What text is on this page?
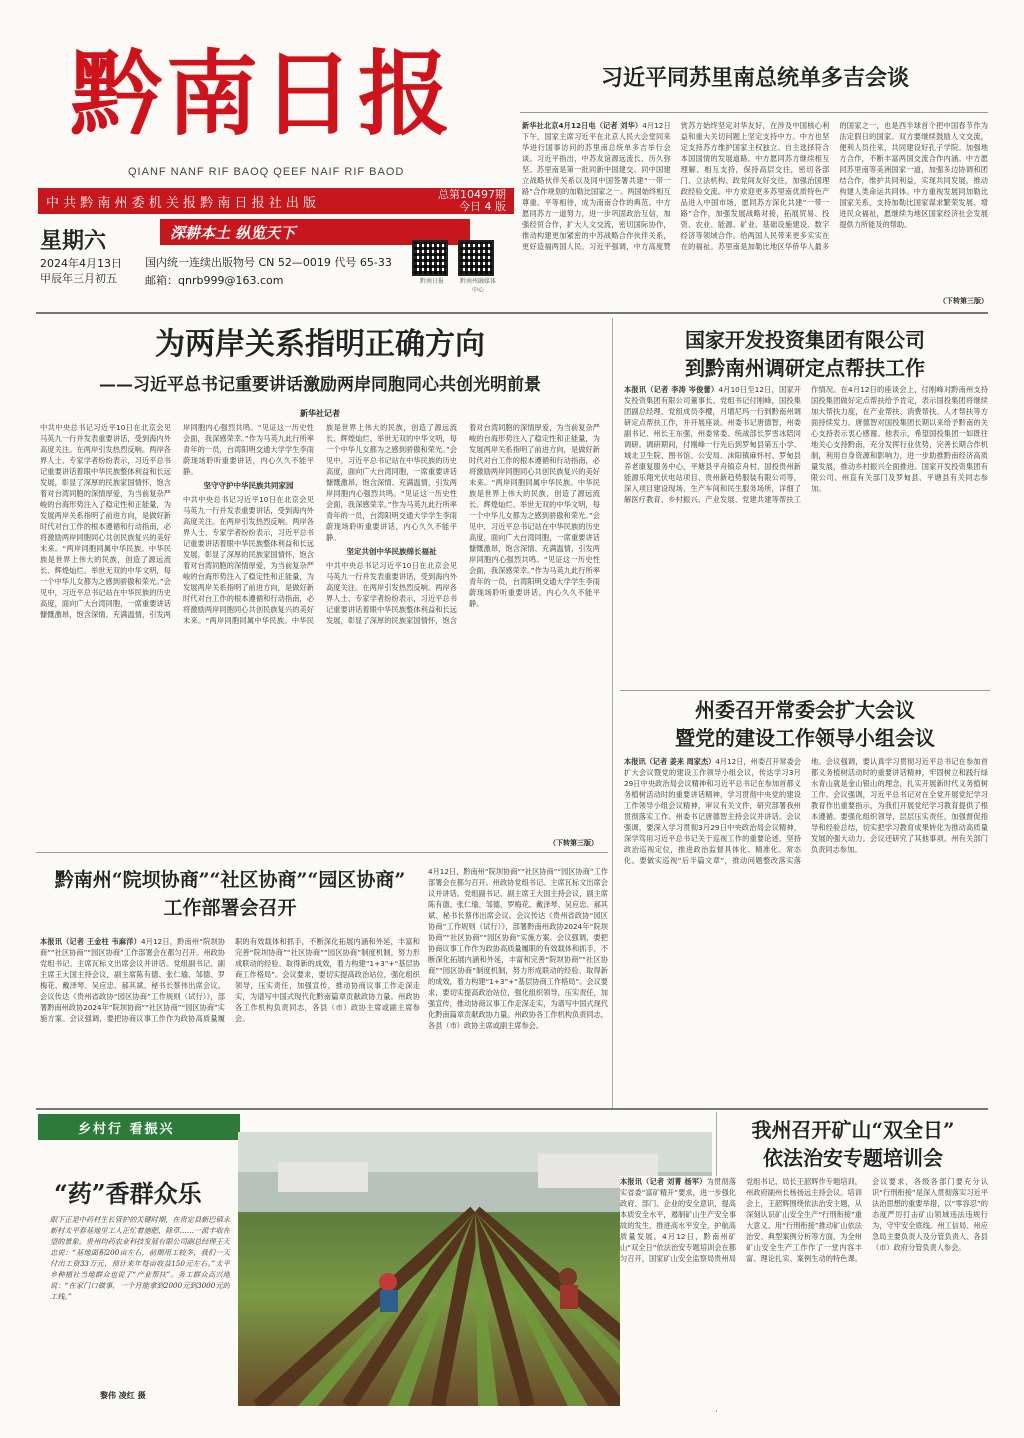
黔南日报
QIANF NANF RIF BAOQ QEEF NAIF RIF BAOD
中 共 黔 南 州 委 机 关 报 黔 南 日 报 社 出 版
总第10497期
今日 4 版
星期六
2024年4月13日
甲辰年三月初五
深耕本土 纵览天下
国内统一连续出版物号 CN 52—0019 代号 65-33
邮箱：qnrb999@163.com	黔南日报	黔南州融媒体中心
习近平同苏里南总统单多吉会谈
新华社北京4月12日电（记者 刘华）4月12日下午，国家主席习近平在北京人民大会堂同来华进行国事访问的苏里南总统单多吉举行会谈。习近平指出，中苏友谊源远流长、历久弥坚。苏里南是第一批同新中国建交、同中国建立战略伙伴关系以及同中国签署共建“一带一路”合作规划的加勒比国家之一。两国始终相互尊重、平等相待，成为南南合作的典范。中方愿同苏方一道努力，进一步巩固政治互信，加强经贸合作，扩大人文交流，密切国际协作，推动构建更加紧密的中苏战略合作伙伴关系，更好造福两国人民。习近平强调，中方高度赞赏苏方始终坚定对华友好，在涉及中国核心利益和重大关切问题上坚定支持中方。中方也坚定支持苏方维护国家主权独立、自主选择符合本国国情的发展道路。中方愿同苏方继续相互理解、相互支持，保持高层交往，密切各部门、立法机构、政党间友好交往，加强治国理政经验交流。中方欢迎更多苏里南优质特色产品进入中国市场，愿同苏方深化共建“一带一路”合作，加强发展战略对接，拓展贸易、投资、农业、能源、矿业、基础设施建设、数字经济等领域合作。给两国人民带来更多实实在在的福祉。苏里南是加勒比地区华侨华人最多的国家之一，也是西半球首个把中国春节作为法定假日的国家。双方要继续鼓励人文交流，便利人员往来，共同建设好孔子学院。加强地方合作，不断丰富两国交流合作内涵。中方愿同苏里南等美洲国家一道，加强多边协调和团结合作，维护共同利益，实现共同发展，推动构建人类命运共同体。中方重视发展同加勒比国家关系，支持加勒比国家谋求繁荣发展、增进民众福祉，愿继续为地区国家经济社会发展提供力所能及的帮助。
（下转第三版）
为两岸关系指明正确方向
——习近平总书记重要讲话激励两岸同胞同心共创光明前景
新华社记者
中共中央总书记习近平10日在北京会见马英九一行并发表重要讲话，受到海内外高度关注。在两岸引发热烈反响。两岸各界人士、专家学者纷纷表示，习近平总书记重要讲话着眼中华民族整体利益和长远发展，彰显了深厚的民族家国情怀，饱含着对台湾同胞的深情厚爱，为当前复杂严峻的台海形势注入了稳定性和正能量，为发展两岸关系指明了前进方向，是做好新时代对台工作的根本遵循和行动指南，必将激励两岸同胞同心共创民族复兴的美好未来。“两岸同胞同属中华民族。中华民族是世界上伟大的民族，创造了源远流长、辉煌灿烂、举世无双的中华文明，每一个中华儿女都为之感到骄傲和荣光。”会见中，习近平总书记站在中华民族的历史高度，面向广大台湾同胞，一席重要讲话慷慨激昂，饱含深情、充满温情，引发两岸同胞内心强烈共鸣。“见证这一历史性会面，我深感荣幸。”作为马英九此行所率青年的一员，台湾阳明交通大学学生李雨蔚现场聆听重要讲话，内心久久不能平静。
坚守守护中华民族共同家园
中共中央总书记习近平10日在北京会见马英九一行并发表重要讲话，受到海内外高度关注。在两岸引发热烈反响。两岸各界人士、专家学者纷纷表示，习近平总书记重要讲话着眼中华民族整体利益和长远发展，彰显了深厚的民族家国情怀，饱含着对台湾同胞的深情厚爱，为当前复杂严峻的台海形势注入了稳定性和正能量，为发展两岸关系指明了前进方向，是做好新时代对台工作的根本遵循和行动指南，必将激励两岸同胞同心共创民族复兴的美好未来。“两岸同胞同属中华民族。中华民族是世界上伟大的民族，创造了源远流长、辉煌灿烂、举世无双的中华文明，每一个中华儿女都为之感到骄傲和荣光。”会见中，习近平总书记站在中华民族的历史高度，面向广大台湾同胞，一席重要讲话慷慨激昂，饱含深情、充满温情，引发两岸同胞内心强烈共鸣。“见证这一历史性会面，我深感荣幸。”作为马英九此行所率青年的一员，台湾阳明交通大学学生李雨蔚现场聆听重要讲话，内心久久不能平静。
坚定共创中华民族绵长福祉
中共中央总书记习近平10日在北京会见马英九一行并发表重要讲话，受到海内外高度关注。在两岸引发热烈反响。两岸各界人士、专家学者纷纷表示，习近平总书记重要讲话着眼中华民族整体利益和长远发展，彰显了深厚的民族家国情怀，饱含着对台湾同胞的深情厚爱，为当前复杂严峻的台海形势注入了稳定性和正能量，为发展两岸关系指明了前进方向，是做好新时代对台工作的根本遵循和行动指南，必将激励两岸同胞同心共创民族复兴的美好未来。“两岸同胞同属中华民族。中华民族是世界上伟大的民族，创造了源远流长、辉煌灿烂、举世无双的中华文明，每一个中华儿女都为之感到骄傲和荣光。”会见中，习近平总书记站在中华民族的历史高度，面向广大台湾同胞，一席重要讲话慷慨激昂，饱含深情、充满温情，引发两岸同胞内心强烈共鸣。“见证这一历史性会面，我深感荣幸。”作为马英九此行所率青年的一员，台湾阳明交通大学学生李雨蔚现场聆听重要讲话，内心久久不能平静。
（下转第三版）
国家开发投资集团有限公司
到黔南州调研定点帮扶工作
本报讯（记者 李涛 岑俊蕾）4月10日至12日，国家开发投资集团有限公司董事长、党组书记付刚峰，国投集团副总经理、党组成员李樱，月增尼玛一行到黔南州调研定点帮扶工作，并开展座谈。州委书记唐德智，州委副书记、州长王东强，州委常委、统战部长罗雪冰陪同调研。调研期间，付刚峰一行先后到罗甸县第五小学、城北卫生院、图书馆、公安局、沫阳镇麻怀村、罗甸县养老康复服务中心，平塘县平舟镇京舟村、国投贵州新能源乐翔光伏电站项目、贵州新趋势服装有限公司等，深入项目建设现场、生产车间和民生服务场所，详细了解医疗教育、乡村振兴、产业发展、党建共建等帮扶工作情况。在4月12日的座谈会上，付刚峰对黔南州支持国投集团做好定点帮扶给予肯定，表示国投集团将继续加大帮扶力度，在产业帮扶、消费帮扶、人才帮扶等方面持续发力。唐德智对国投集团长期以来给予黔南的关心支持表示衷心感谢。他表示，希望国投集团一如既往地关心支持黔南，充分发挥行业优势，完善长期合作机制，利用自身资源和影响力，进一步助推黔南经济高质量发展，推动乡村振兴全面推进。国家开发投资集团有限公司、州直有关部门及罗甸县、平塘县有关同志参加。
州委召开常委会扩大会议
暨党的建设工作领导小组会议
本报讯（记者 姜来 周家杰）4月12日，州委召开常委会扩大会议暨党的建设工作领导小组会议，传达学习3月29日中央政治局会议精神和习近平总书记在参加首都义务植树活动时的重要讲话精神，学习贯彻中央党的建设工作领导小组会议精神，审议有关文件，研究部署我州贯彻落实工作。州委书记唐德智主持会议并讲话。会议强调，要深入学习贯彻3月29日中央政治局会议精神，深学笃用习近平总书记关于巡视工作的重要论述，坚持政治巡视定位，推进政治监督具体化、精准化、常态化。要做实巡视“后半篇文章”，推动问题整改落实落地。会议强调，要认真学习贯彻习近平总书记在参加首都义务植树活动时的重要讲话精神，牢固树立和践行绿水青山就是金山银山的理念，扎实开展新时代义务植树工作。会议强调，习近平总书记对在全党开展党纪学习教育作出重要指示，为我们开展党纪学习教育提供了根本遵循。要强化组织领导，层层压实责任，加强督促指导和经验总结，切实把学习教育成果转化为推动高质量发展的强大动力。会议还研究了其他事项。州有关部门负责同志参加。
黔南州“院坝协商”“社区协商”“园区协商”
工作部署会召开
本报讯（记者 王金柱 韦麻洋）4月12日，黔南州“院坝协商”“社区协商”“园区协商”工作部署会在都匀召开。州政协党组书记、主席瓦标文出席会议并讲话。党组副书记、副主席王大国主持会议，副主席陈有德、张仁瑜、邹德、罗梅花、戴泽琴、吴应忠、郝其斌、秘书长蔡伟出席会议。会议传达《贵州省政协“园区协商”工作规则（试行）》，部署黔南州政协2024年“院坝协商”“社区协商”“园区协商”实施方案。会议强调，要把协商议事工作作为政协高质量履职的有效载体和抓手，不断深化拓展内涵和外延，丰富和完善“院坝协商”“社区协商”“园区协商”制度机制，努力形成联动的经验、取得新的成效，着力构建“1+3”+“基层协商工作格局”。会议要求，要切实提高政治站位，强化组织领导，压实责任，加强宣传，推动协商议事工作走深走实，为谱写中国式现代化黔南篇章贡献政协力量。州政协各工作机构负责同志，各县（市）政协主席或副主席参会。
4月12日，黔南州“院坝协商”“社区协商”“园区协商”工作部署会在都匀召开。州政协党组书记、主席瓦标文出席会议并讲话。党组副书记、副主席王大国主持会议，副主席陈有德、张仁瑜、邹德、罗梅花、戴泽琴、吴应忠、郝其斌、秘书长蔡伟出席会议。会议传达《贵州省政协“园区协商”工作规则（试行）》，部署黔南州政协2024年“院坝协商”“社区协商”“园区协商”实施方案。会议强调，要把协商议事工作作为政协高质量履职的有效载体和抓手，不断深化拓展内涵和外延，丰富和完善“院坝协商”“社区协商”“园区协商”制度机制，努力形成联动的经验、取得新的成效，着力构建“1+3”+“基层协商工作格局”。会议要求，要切实提高政治站位，强化组织领导，压实责任，加强宣传，推动协商议事工作走深走实，为谱写中国式现代化黔南篇章贡献政协力量。州政协各工作机构负责同志，各县（市）政协主席或副主席参会。
乡村行 看振兴
“药”香群众乐
眼下正是中药材生长管护的关键时期，在贵定县新巴镇永新村太平春基地里工人正忙着施肥、除草……一派丰收在望的景象。贵州均药农业科技发展有限公司副总经理王天忠说：“基地面积200亩左右，前期用工较多，我们一天付出工资33万元，预计来年每亩收益150元左右。”太平乡种植社当地群众也说了“产业帮扶”。务工群众高兴地说：“在家门口做事，一个月能拿到2000元到3000元的工钱。”
黎伟 凌红 摄
我州召开矿山“双全日”
依法治安专题培训会
本报讯（记者 刘菁 杨军）为贯彻落实省委“富矿精开”要求，进一步强化政府、部门、企业的安全意识，提高本质安全水平，遏制矿山生产安全事故的发生，推进高水平安全，护航高质量发展。4月12日，黔南州矿山“双全日”依法治安专题培训会在都匀召开，国家矿山安全监察局贵州局党组书记、局长王韶辉作专题培训，州政府副州长杨扬远主持会议。培训会上，王韶辉围绕依法治安主题，从深刻认识矿山安全生产“行刑衔接”重大意义、用“行刑衔接”推动矿山依法治安、典型案例分析等方面，为全州矿山安全生产工作作了一堂内容丰富、理论扎实、案例生动的特色课。会议要求，各级各部门要充分认识“行刑衔接”是深入贯彻落实习近平法治思想的重要举措，以“零容忍”的态度严厉打击矿山领域违法违规行为，守牢安全底线。州工信局、州应急局主要负责人及分管负责人、各县（市）政府分管负责人参会。
